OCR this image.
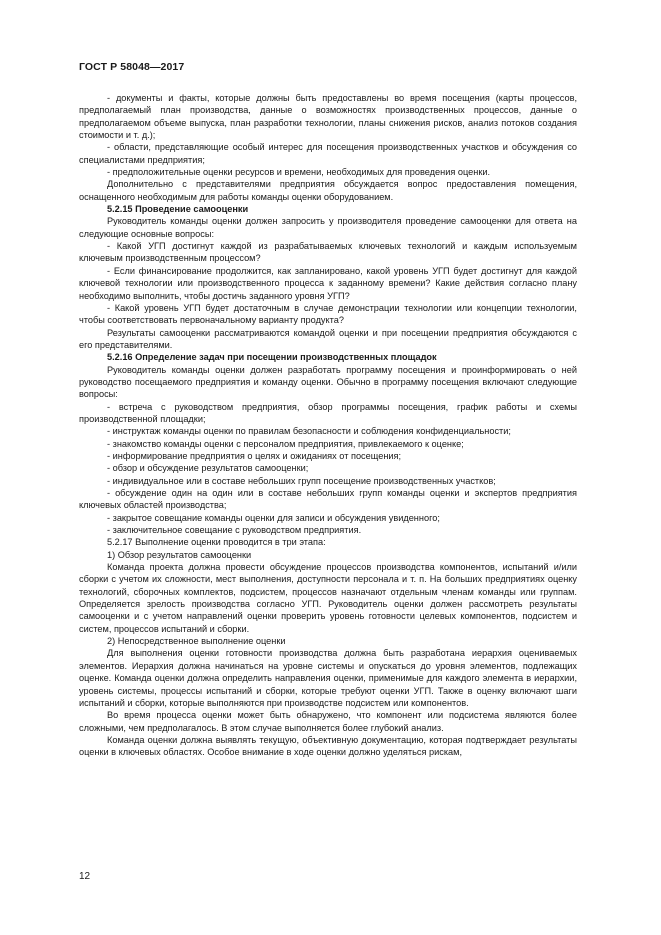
ГОСТ Р 58048—2017

- документы и факты, которые должны быть предоставлены во время посещения (карты процессов, предполагаемый план производства, данные о возможностях производственных процессов, данные о предполагаемом объеме выпуска, план разработки технологии, планы снижения рисков, анализ потоков создания стоимости и т. д.);

- области, представляющие особый интерес для посещения производственных участков и обсуждения со специалистами предприятия;

- предположительные оценки ресурсов и времени, необходимых для проведения оценки.

Дополнительно с представителями предприятия обсуждается вопрос предоставления помещения, оснащенного необходимым для работы команды оценки оборудованием.

5.2.15 Проведение самооценки

Руководитель команды оценки должен запросить у производителя проведение самооценки для ответа на следующие основные вопросы:

- Какой УГП достигнут каждой из разрабатываемых ключевых технологий и каждым используемым ключевым производственным процессом?

- Если финансирование продолжится, как запланировано, какой уровень УГП будет достигнут для каждой ключевой технологии или производственного процесса к заданному времени? Какие действия согласно плану необходимо выполнить, чтобы достичь заданного уровня УГП?

- Какой уровень УГП будет достаточным в случае демонстрации технологии или концепции технологии, чтобы соответствовать первоначальному варианту продукта?

Результаты самооценки рассматриваются командой оценки и при посещении предприятия обсуждаются с его представителями.

5.2.16 Определение задач при посещении производственных площадок

Руководитель команды оценки должен разработать программу посещения и проинформировать о ней руководство посещаемого предприятия и команду оценки. Обычно в программу посещения включают следующие вопросы:

- встреча с руководством предприятия, обзор программы посещения, график работы и схемы производственной площадки;

- инструктаж команды оценки по правилам безопасности и соблюдения конфиденциальности;

- знакомство команды оценки с персоналом предприятия, привлекаемого к оценке;

- информирование предприятия о целях и ожиданиях от посещения;

- обзор и обсуждение результатов самооценки;

- индивидуальное или в составе небольших групп посещение производственных участков;

- обсуждение один на один или в составе небольших групп команды оценки и экспертов предприятия ключевых областей производства;

- закрытое совещание команды оценки для записи и обсуждения увиденного;

- заключительное совещание с руководством предприятия.

5.2.17 Выполнение оценки проводится в три этапа:

1) Обзор результатов самооценки

Команда проекта должна провести обсуждение процессов производства компонентов, испытаний и/или сборки с учетом их сложности, мест выполнения, доступности персонала и т. п. На больших предприятиях оценку технологий, сборочных комплектов, подсистем, процессов назначают отдельным членам команды или группам. Определяется зрелость производства согласно УГП. Руководитель оценки должен рассмотреть результаты самооценки и с учетом направлений оценки проверить уровень готовности целевых компонентов, подсистем и систем, процессов испытаний и сборки.

2) Непосредственное выполнение оценки

Для выполнения оценки готовности производства должна быть разработана иерархия оцениваемых элементов. Иерархия должна начинаться на уровне системы и опускаться до уровня элементов, подлежащих оценке. Команда оценки должна определить направления оценки, применимые для каждого элемента в иерархии, уровень системы, процессы испытаний и сборки, которые требуют оценки УГП. Также в оценку включают шаги испытаний и сборки, которые выполняются при производстве подсистем или компонентов.

Во время процесса оценки может быть обнаружено, что компонент или подсистема являются более сложными, чем предполагалось. В этом случае выполняется более глубокий анализ.

Команда оценки должна выявлять текущую, объективную документацию, которая подтверждает результаты оценки в ключевых областях. Особое внимание в ходе оценки должно уделяться рискам,

12
